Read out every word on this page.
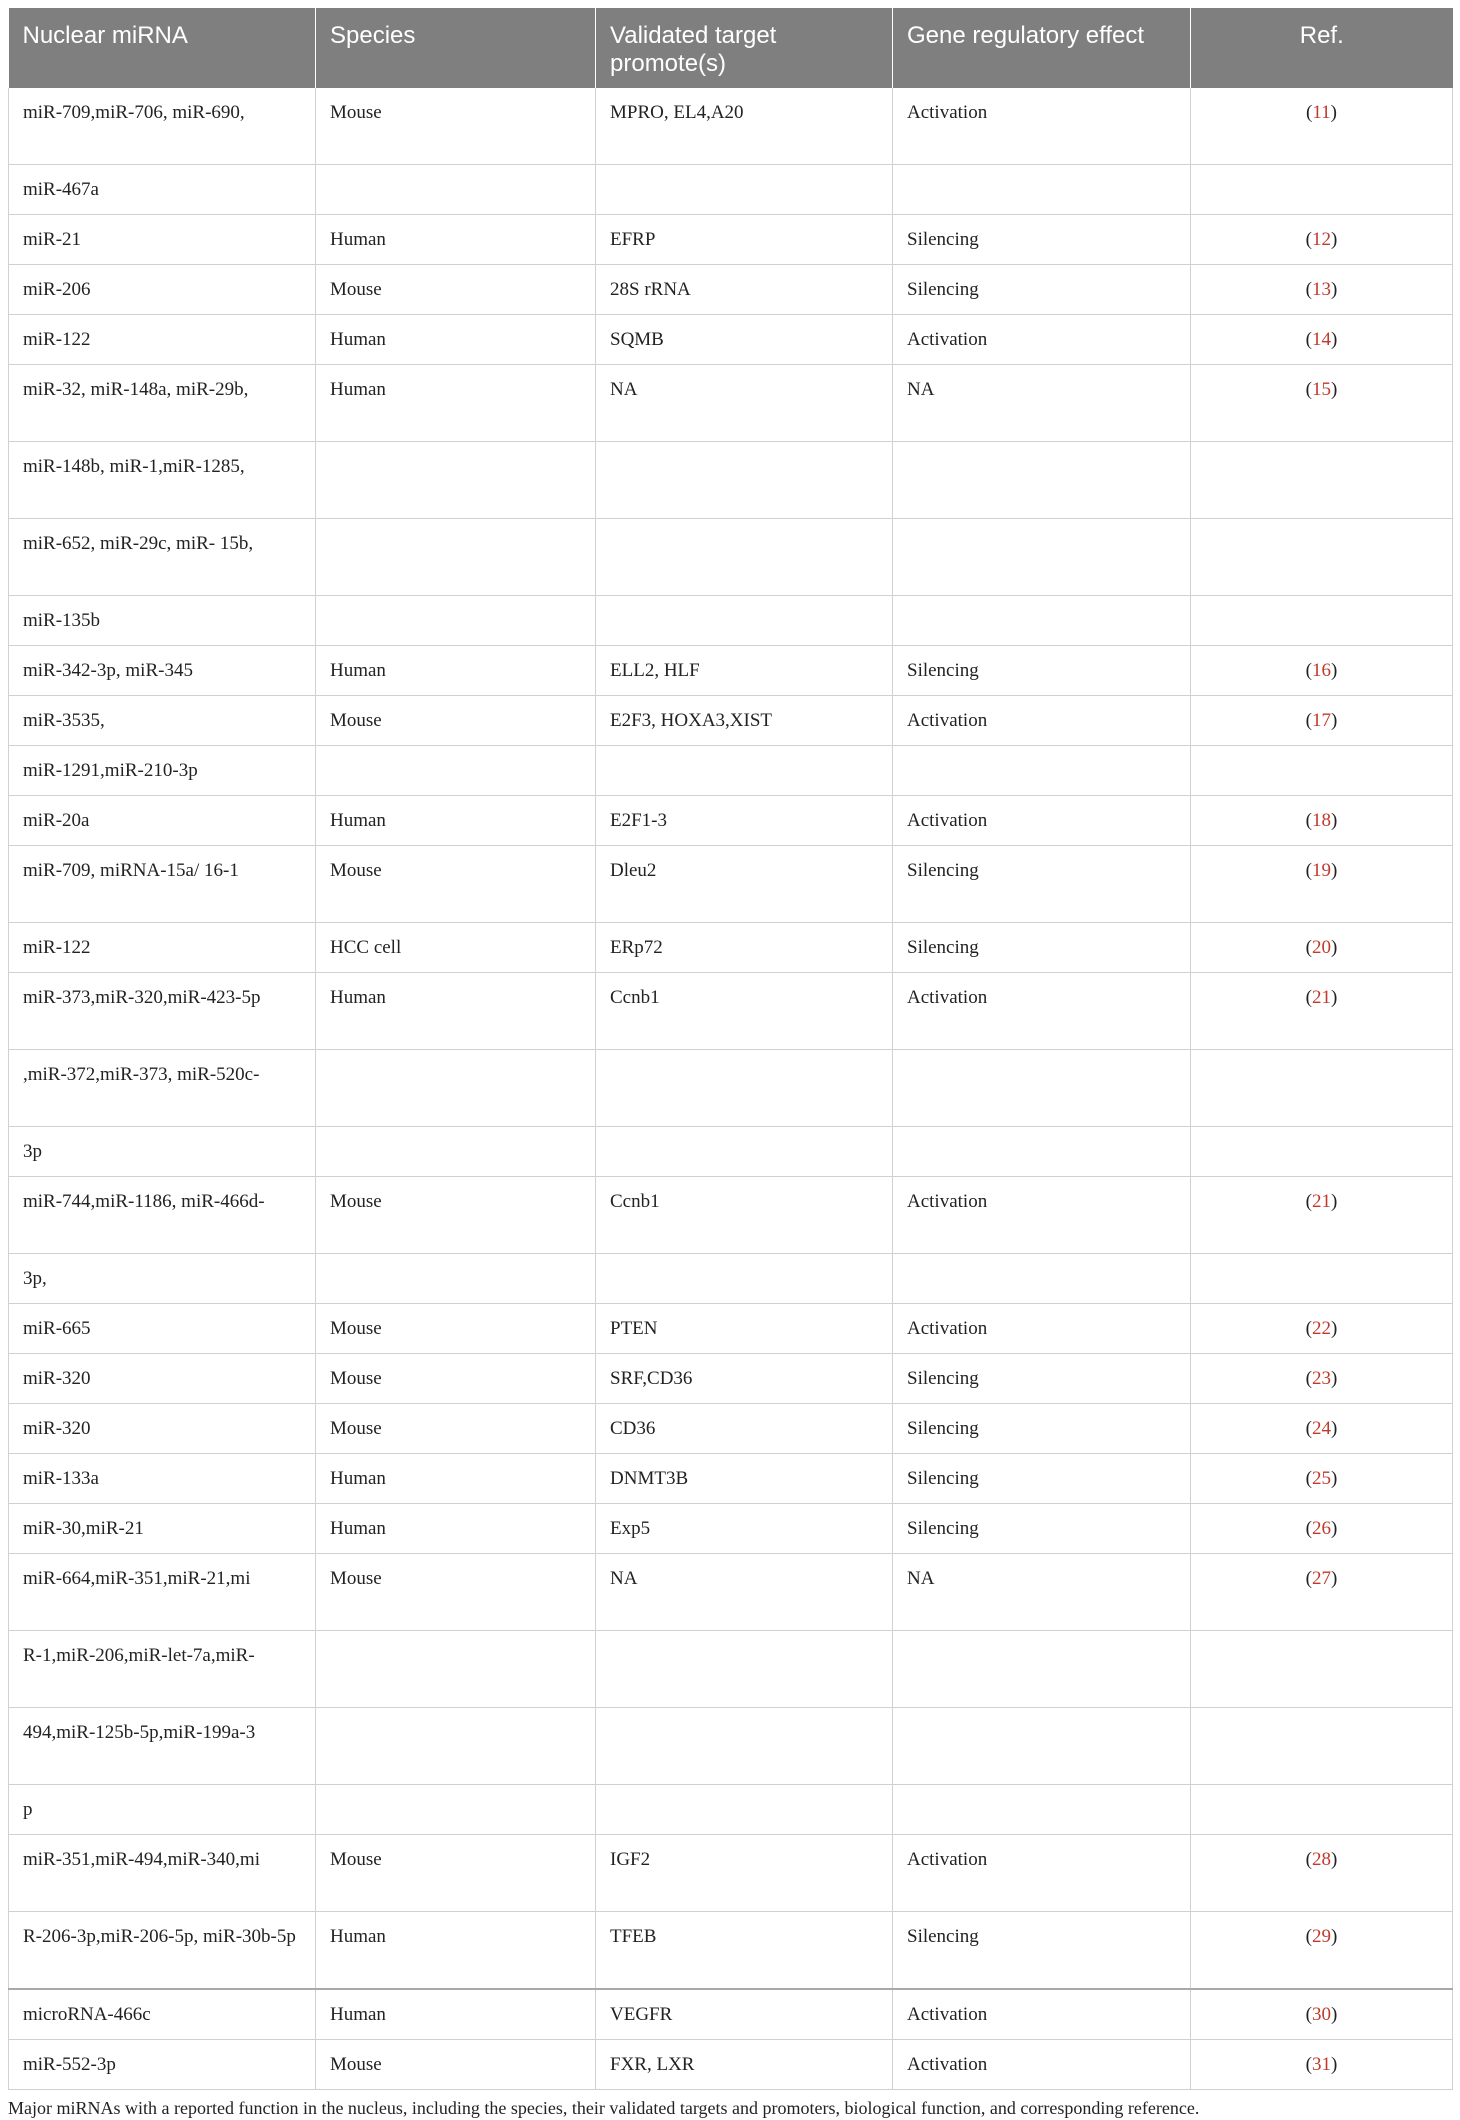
Nuclear miRNA	Species	Validated target promote(s)	Gene regulatory effect	Ref.
miR-709,miR-706, miR-690,	Mouse	MPRO, EL4,A20	Activation	(11)
miR-467a				
miR-21	Human	EFRP	Silencing	(12)
miR-206	Mouse	28S rRNA	Silencing	(13)
miR-122	Human	SQMB	Activation	(14)
miR-32, miR-148a, miR-29b,	Human	NA	NA	(15)
miR-148b, miR-1,miR-1285,				
miR-652, miR-29c, miR- 15b,				
miR-135b				
miR-342-3p, miR-345	Human	ELL2, HLF	Silencing	(16)
miR-3535,	Mouse	E2F3, HOXA3,XIST	Activation	(17)
miR-1291,miR-210-3p				
miR-20a	Human	E2F1-3	Activation	(18)
miR-709, miRNA-15a/ 16-1	Mouse	Dleu2	Silencing	(19)
miR-122	HCC cell	ERp72	Silencing	(20)
miR-373,miR-320,miR-423-5p	Human	Ccnb1	Activation	(21)
,miR-372,miR-373, miR-520c-				
3p				
miR-744,miR-1186, miR-466d-	Mouse	Ccnb1	Activation	(21)
3p,				
miR-665	Mouse	PTEN	Activation	(22)
miR-320	Mouse	SRF,CD36	Silencing	(23)
miR-320	Mouse	CD36	Silencing	(24)
miR-133a	Human	DNMT3B	Silencing	(25)
miR-30,miR-21	Human	Exp5	Silencing	(26)
miR-664,miR-351,miR-21,mi	Mouse	NA	NA	(27)
R-1,miR-206,miR-let-7a,miR-				
494,miR-125b-5p,miR-199a-3				
p				
miR-351,miR-494,miR-340,mi	Mouse	IGF2	Activation	(28)
R-206-3p,miR-206-5p, miR-30b-5p	Human	TFEB	Silencing	(29)
microRNA-466c	Human	VEGFR	Activation	(30)
miR-552-3p	Mouse	FXR, LXR	Activation	(31)
Major miRNAs with a reported function in the nucleus, including the species, their validated targets and promoters, biological function, and corresponding reference.
